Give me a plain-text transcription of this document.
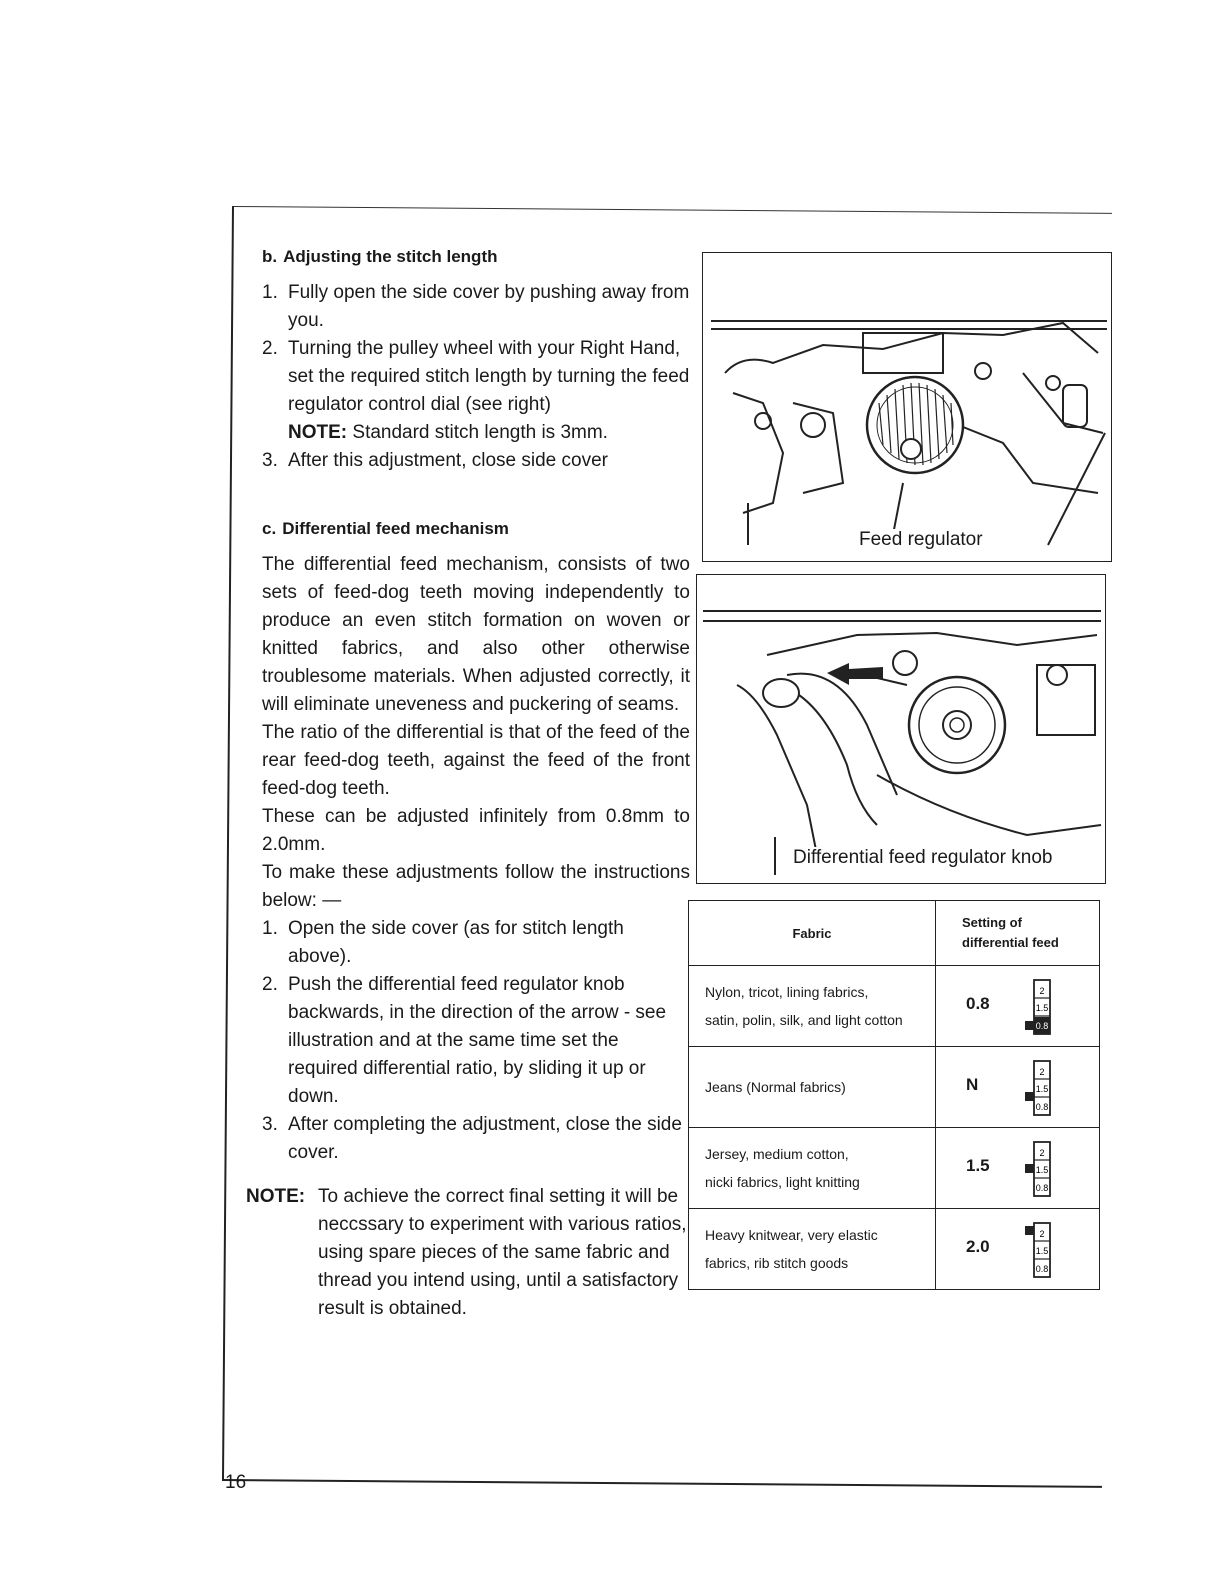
b. Adjusting the stitch length

1. Fully open the side cover by pushing away from you.

2. Turning the pulley wheel with your Right Hand, set the required stitch length by turning the feed regulator control dial (see right)
NOTE: Standard stitch length is 3mm.

3. After this adjustment, close side cover

c. Differential feed mechanism

The differential feed mechanism, consists of two sets of feed-dog teeth moving independently to produce an even stitch formation on woven or knitted fabrics, and also other otherwise troublesome materials. When adjusted correctly, it will eliminate uneveness and puckering of seams.

The ratio of the differential is that of the feed of the rear feed-dog teeth, against the feed of the front feed-dog teeth.

These can be adjusted infinitely from 0.8mm to 2.0mm.

To make these adjustments follow the instructions below: —

1. Open the side cover (as for stitch length above).

2. Push the differential feed regulator knob backwards, in the direction of the arrow - see illustration and at the same time set the required differential ratio, by sliding it up or down.

3. After completing the adjustment, close the side cover.

NOTE: To achieve the correct final setting it will be neccssary to experiment with various ratios, using spare pieces of the same fabric and thread you intend using, until a satisfactory result is obtained.

Feed regulator
Differential feed regulator knob
Fabric	Setting of
differential feed
Nylon, tricot, lining fabrics,
satin, polin, silk, and light cotton	0.8
2
1.5
0.8

Jeans (Normal fabrics)	N
2
1.5
0.8

Jersey, medium cotton,
nicki fabrics, light knitting	1.5
2
1.5
0.8

Heavy knitwear, very elastic
fabrics, rib stitch goods	2.0
2
1.5
0.8
16
